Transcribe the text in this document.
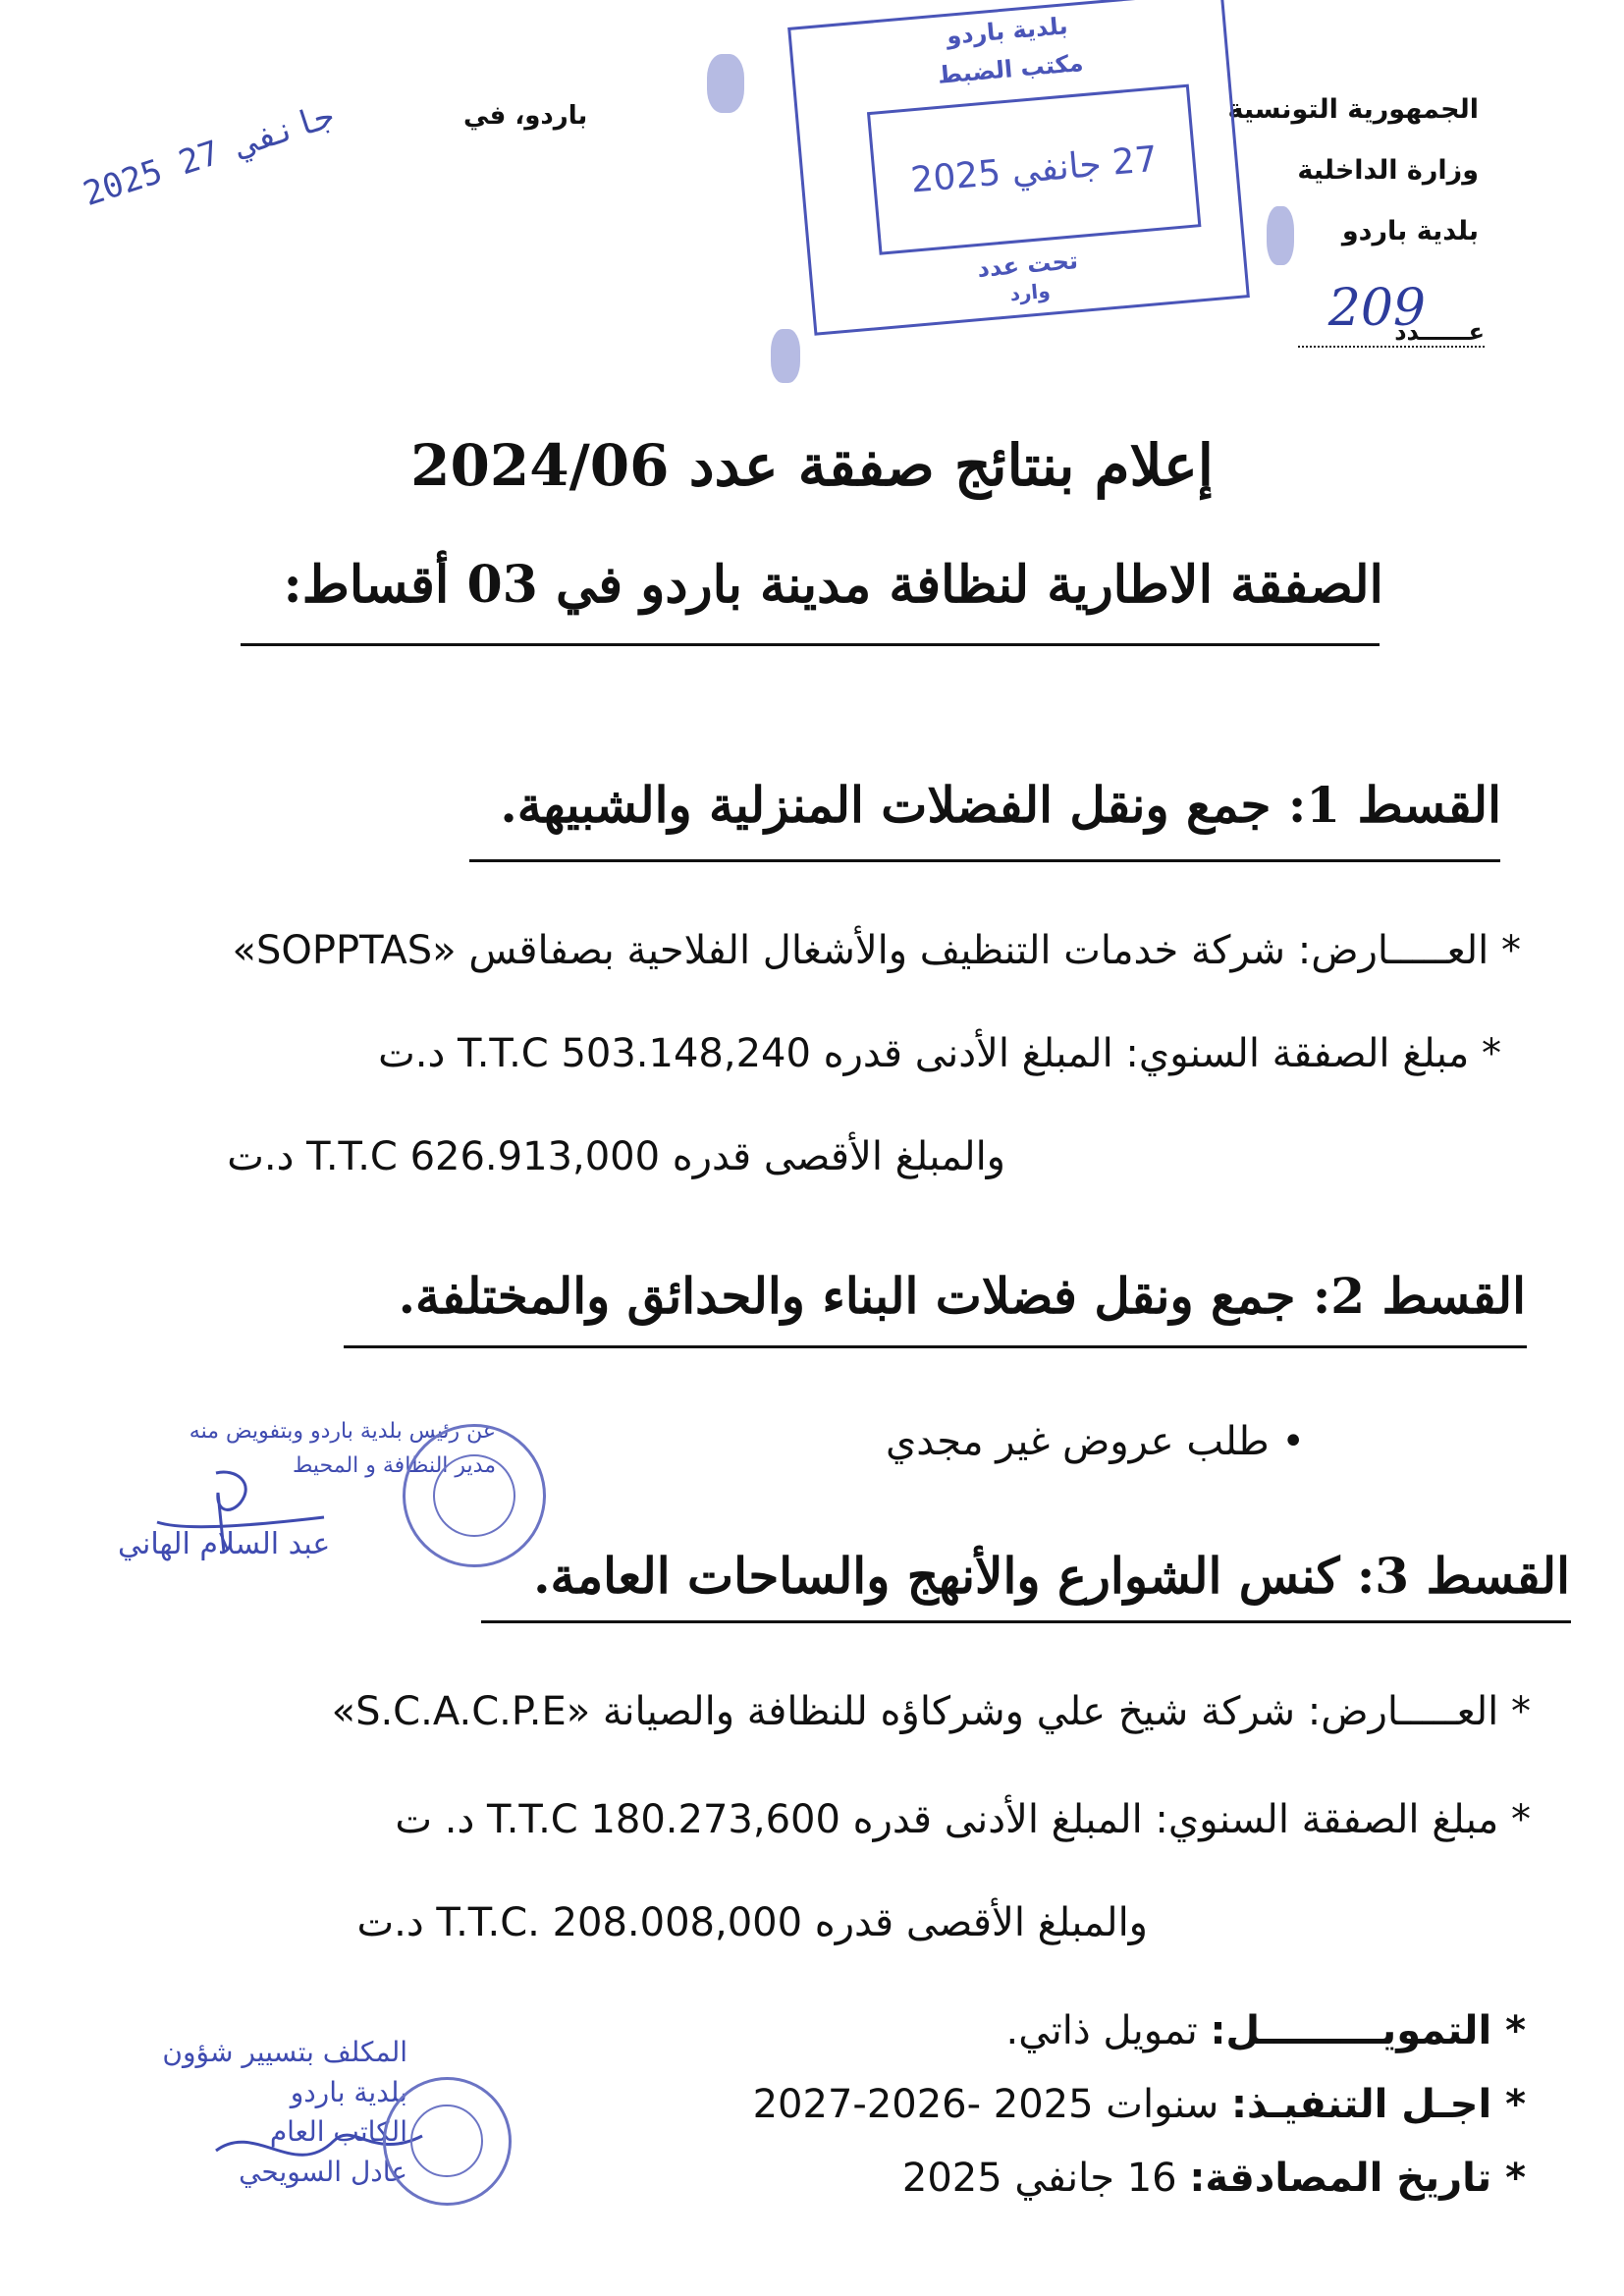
الجمهورية التونسية
وزارة الداخلية
بلدية باردو
209
عــــــدد
باردو، في
بلدية باردو
مكتب الضبط
27 جانفي 2025
تحت عدد
وارد
2025 جانفي 27
إعلام بنتائج صفقة عدد 2024/06
الصفقة الاطارية لنظافة مدينة باردو في 03 أقساط:
القسط 1: جمع ونقل الفضلات المنزلية والشبيهة.
* العـــــارض: شركة خدمات التنظيف والأشغال الفلاحية بصفاقس «SOPPTAS»
* مبلغ الصفقة السنوي: المبلغ الأدنى قدره T.T.C 503.148,240 د.ت
والمبلغ الأقصى قدره T.T.C 626.913,000 د.ت
القسط 2: جمع ونقل فضلات البناء والحدائق والمختلفة.
• طلب عروض غير مجدي
عن رئيس بلدية باردو وبتفويض منه
مدير النظافة و المحيط
عبد السلام الهاني
القسط 3: كنس الشوارع والأنهج والساحات العامة.
* العـــــارض: شركة شيخ علي وشركاؤه للنظافة والصيانة «S.C.A.C.P.E»
* مبلغ الصفقة السنوي: المبلغ الأدنى قدره T.T.C 180.273,600 د. ت
والمبلغ الأقصى قدره T.T.C. 208.008,000 د.ت
* التمويـــــــــل: تمويل ذاتي.
* اجـل التنفيـذ: سنوات 2025 -2026-2027
* تاريخ المصادقة: 16 جانفي 2025
المكلف بتسيير شؤون
بلدية باردو
الكاتب العام
عادل السويحي
